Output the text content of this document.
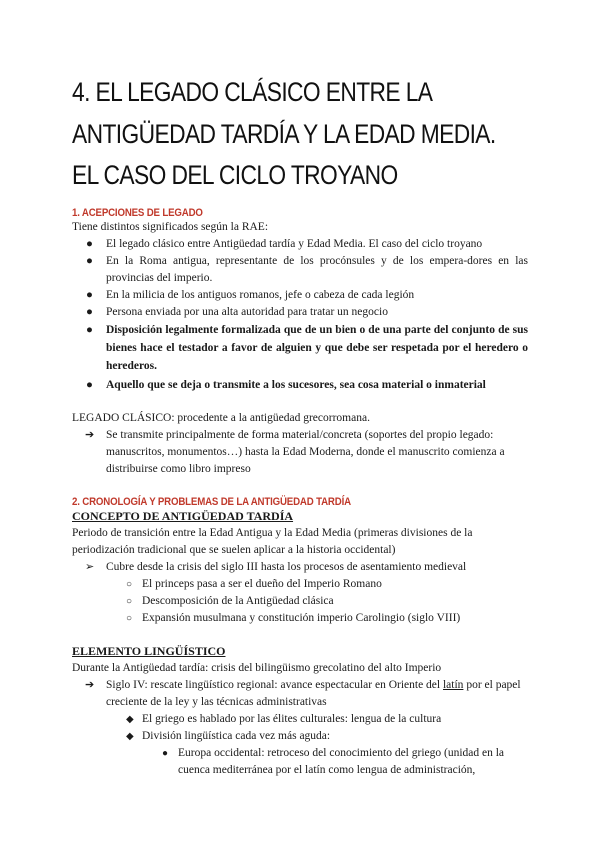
4. EL LEGADO CLÁSICO ENTRE LA ANTIGÜEDAD TARDÍA Y LA EDAD MEDIA. EL CASO DEL CICLO TROYANO
1. ACEPCIONES DE LEGADO

Tiene distintos significados según la RAE:

● El legado clásico entre Antigüedad tardía y Edad Media. El caso del ciclo troyano
● En la Roma antigua, representante de los procónsules y de los empera-dores en las provincias del imperio.
● En la milicia de los antiguos romanos, jefe o cabeza de cada legión
● Persona enviada por una alta autoridad para tratar un negocio
● Disposición legalmente formalizada que de un bien o de una parte del conjunto de sus bienes hace el testador a favor de alguien y que debe ser respetada por el heredero o herederos.
● Aquello que se deja o transmite a los sucesores, sea cosa material o inmaterial

LEGADO CLÁSICO: procedente a la antigüedad grecorromana.

➔ Se transmite principalmente de forma material/concreta (soportes del propio legado: manuscritos, monumentos…) hasta la Edad Moderna, donde el manuscrito comienza a distribuirse como libro impreso
2. CRONOLOGÍA Y PROBLEMAS DE LA ANTIGÜEDAD TARDÍA

CONCEPTO DE ANTIGÜEDAD TARDÍA

Periodo de transición entre la Edad Antigua y la Edad Media (primeras divisiones de la periodización tradicional que se suelen aplicar a la historia occidental)

➢ Cubre desde la crisis del siglo III hasta los procesos de asentamiento medieval
○ El princeps pasa a ser el dueño del Imperio Romano
○ Descomposición de la Antigüedad clásica
○ Expansión musulmana y constitución imperio Carolingio (siglo VIII)

ELEMENTO LINGÜÍSTICO

Durante la Antigüedad tardía: crisis del bilingüismo grecolatino del alto Imperio

➔ Siglo IV: rescate lingüístico regional: avance espectacular en Oriente del latín por el papel creciente de la ley y las técnicas administrativas
◆ El griego es hablado por las élites culturales: lengua de la cultura
◆ División lingüística cada vez más aguda:
● Europa occidental: retroceso del conocimiento del griego (unidad en la cuenca mediterránea por el latín como lengua de administración,
